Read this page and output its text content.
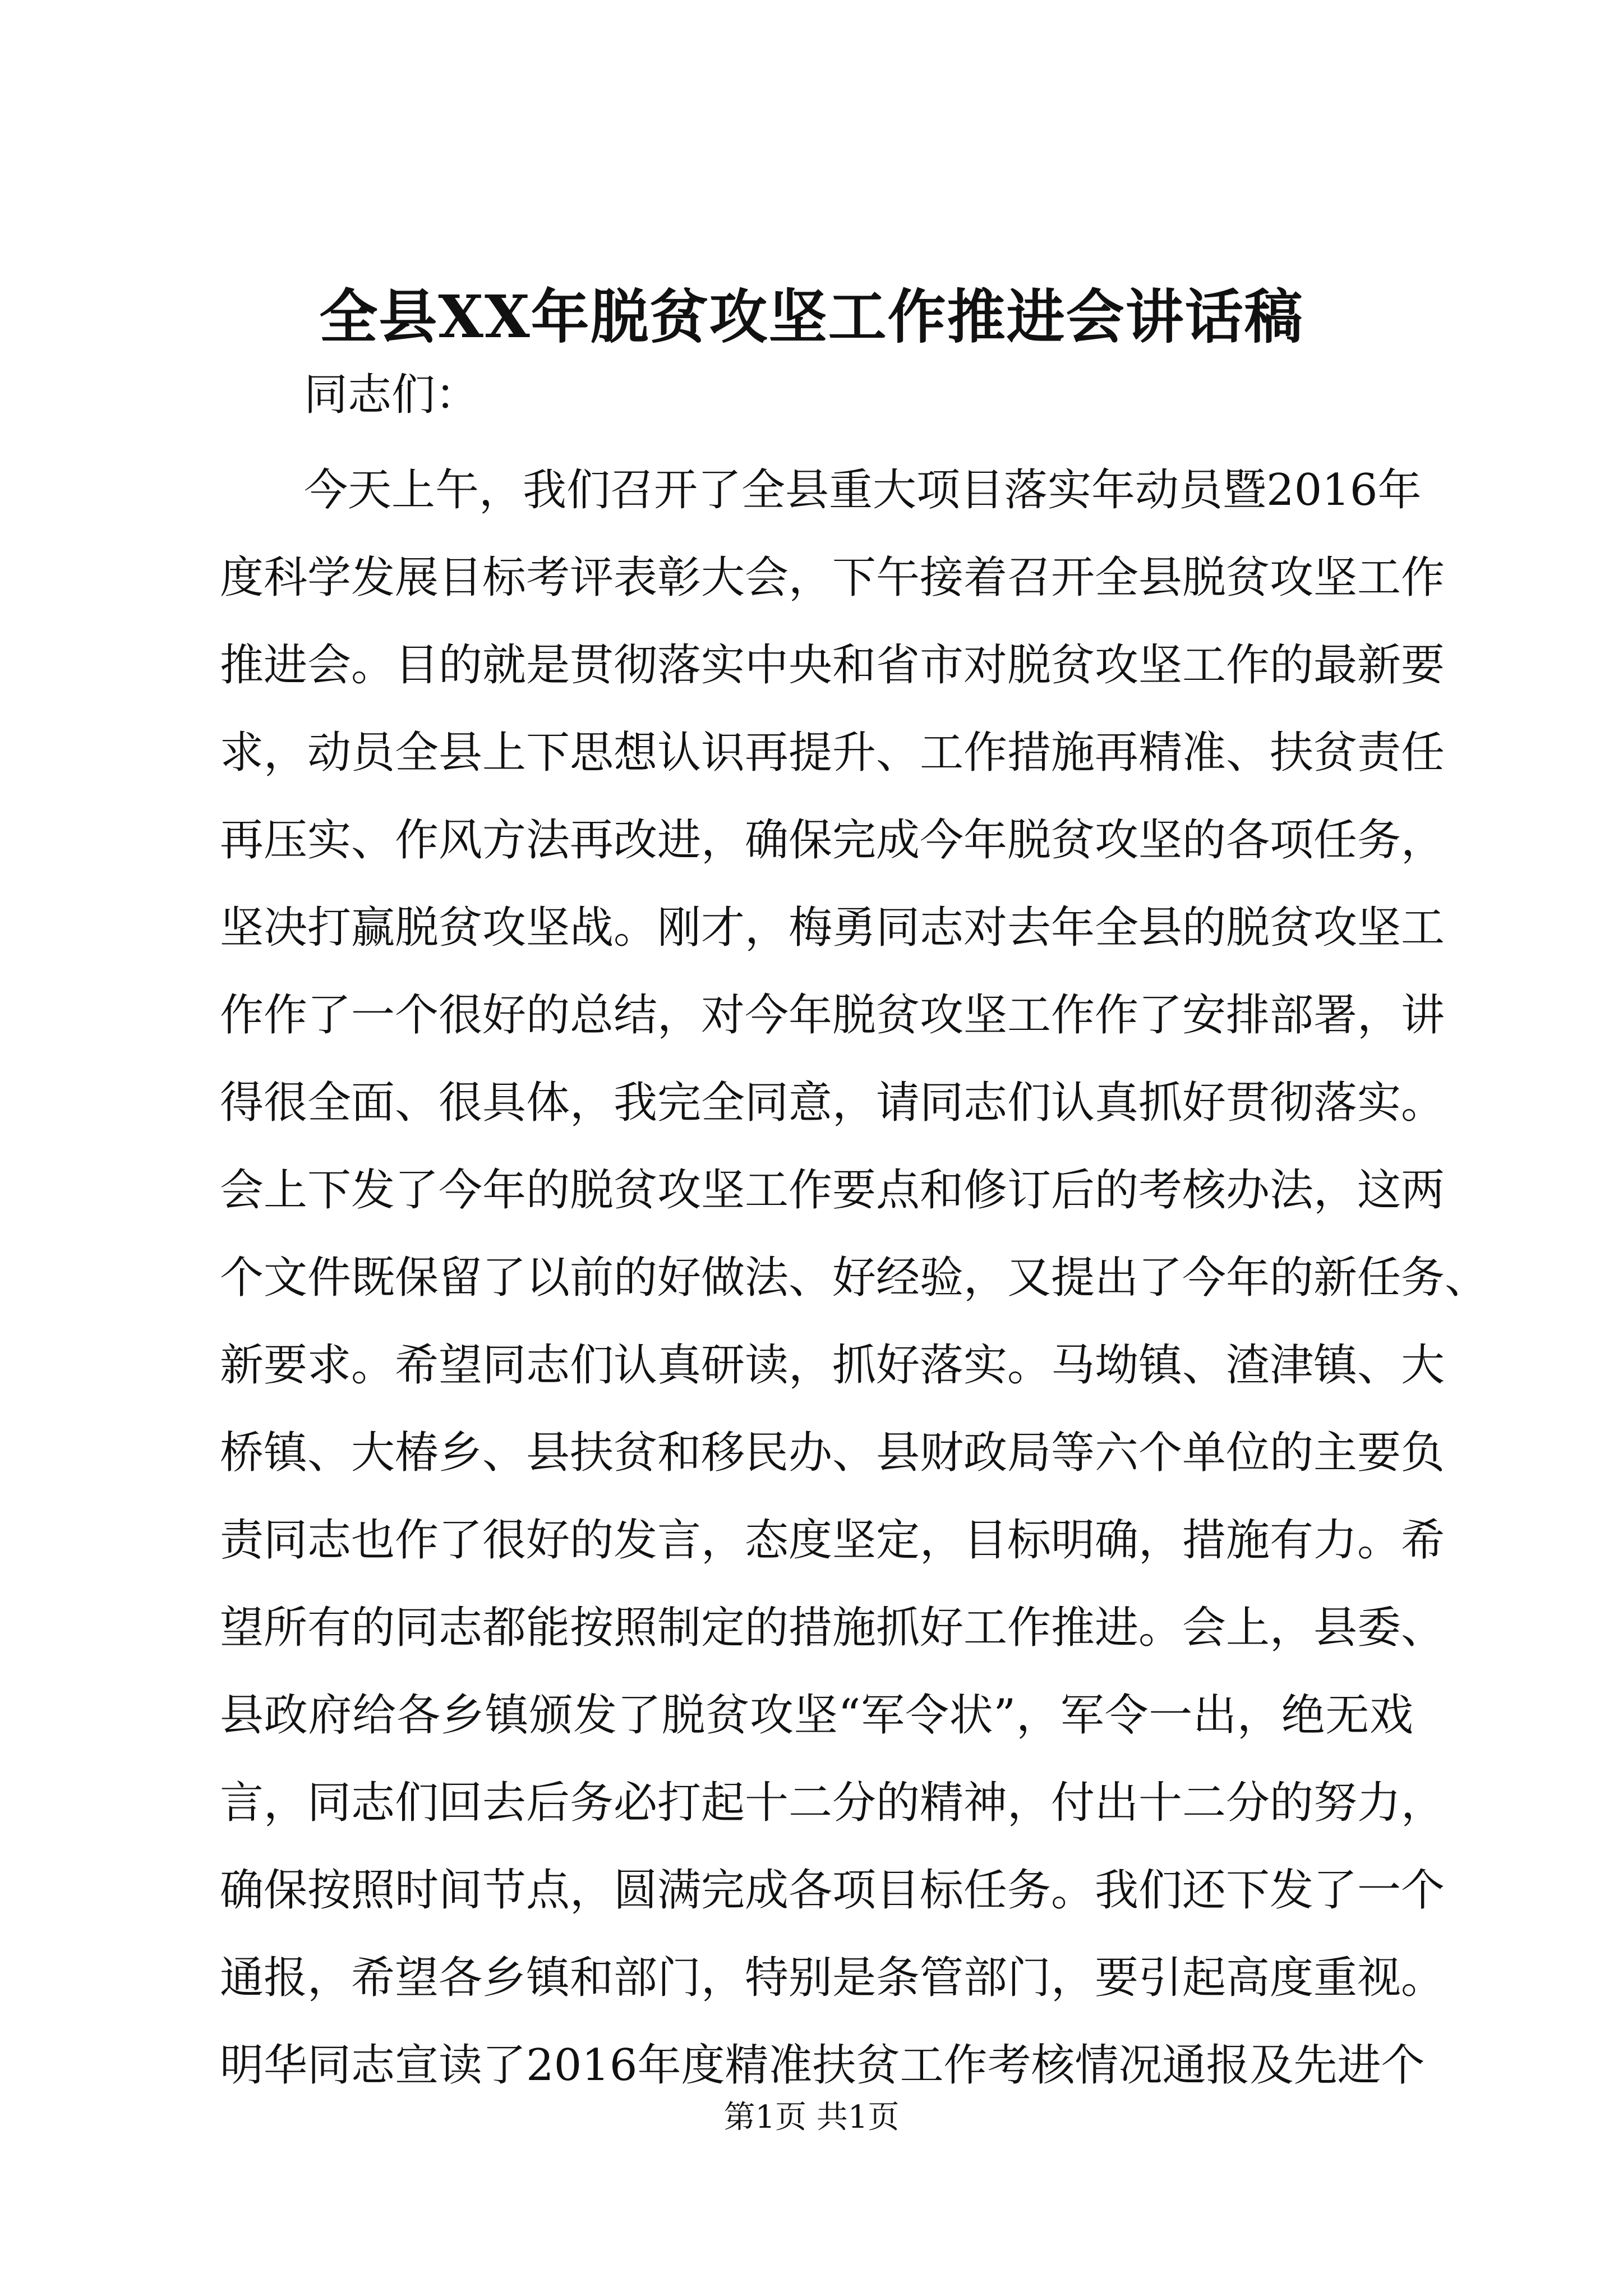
全县XX年脱贫攻坚工作推进会讲话稿
同志们：
今天上午，我们召开了全县重大项目落实年动员暨2016年
度科学发展目标考评表彰大会，下午接着召开全县脱贫攻坚工作
推进会。目的就是贯彻落实中央和省市对脱贫攻坚工作的最新要
求，动员全县上下思想认识再提升、工作措施再精准、扶贫责任
再压实、作风方法再改进，确保完成今年脱贫攻坚的各项任务，
坚决打赢脱贫攻坚战。刚才，梅勇同志对去年全县的脱贫攻坚工
作作了一个很好的总结，对今年脱贫攻坚工作作了安排部署，讲
得很全面、很具体，我完全同意，请同志们认真抓好贯彻落实。
会上下发了今年的脱贫攻坚工作要点和修订后的考核办法，这两
个文件既保留了以前的好做法、好经验，又提出了今年的新任务、
新要求。希望同志们认真研读，抓好落实。马坳镇、渣津镇、大
桥镇、大椿乡、县扶贫和移民办、县财政局等六个单位的主要负
责同志也作了很好的发言，态度坚定，目标明确，措施有力。希
望所有的同志都能按照制定的措施抓好工作推进。会上，县委、
县政府给各乡镇颁发了脱贫攻坚“军令状”，军令一出，绝无戏
言，同志们回去后务必打起十二分的精神，付出十二分的努力，
确保按照时间节点，圆满完成各项目标任务。我们还下发了一个
通报，希望各乡镇和部门，特别是条管部门，要引起高度重视。
明华同志宣读了2016年度精准扶贫工作考核情况通报及先进个
第1页 共1页
